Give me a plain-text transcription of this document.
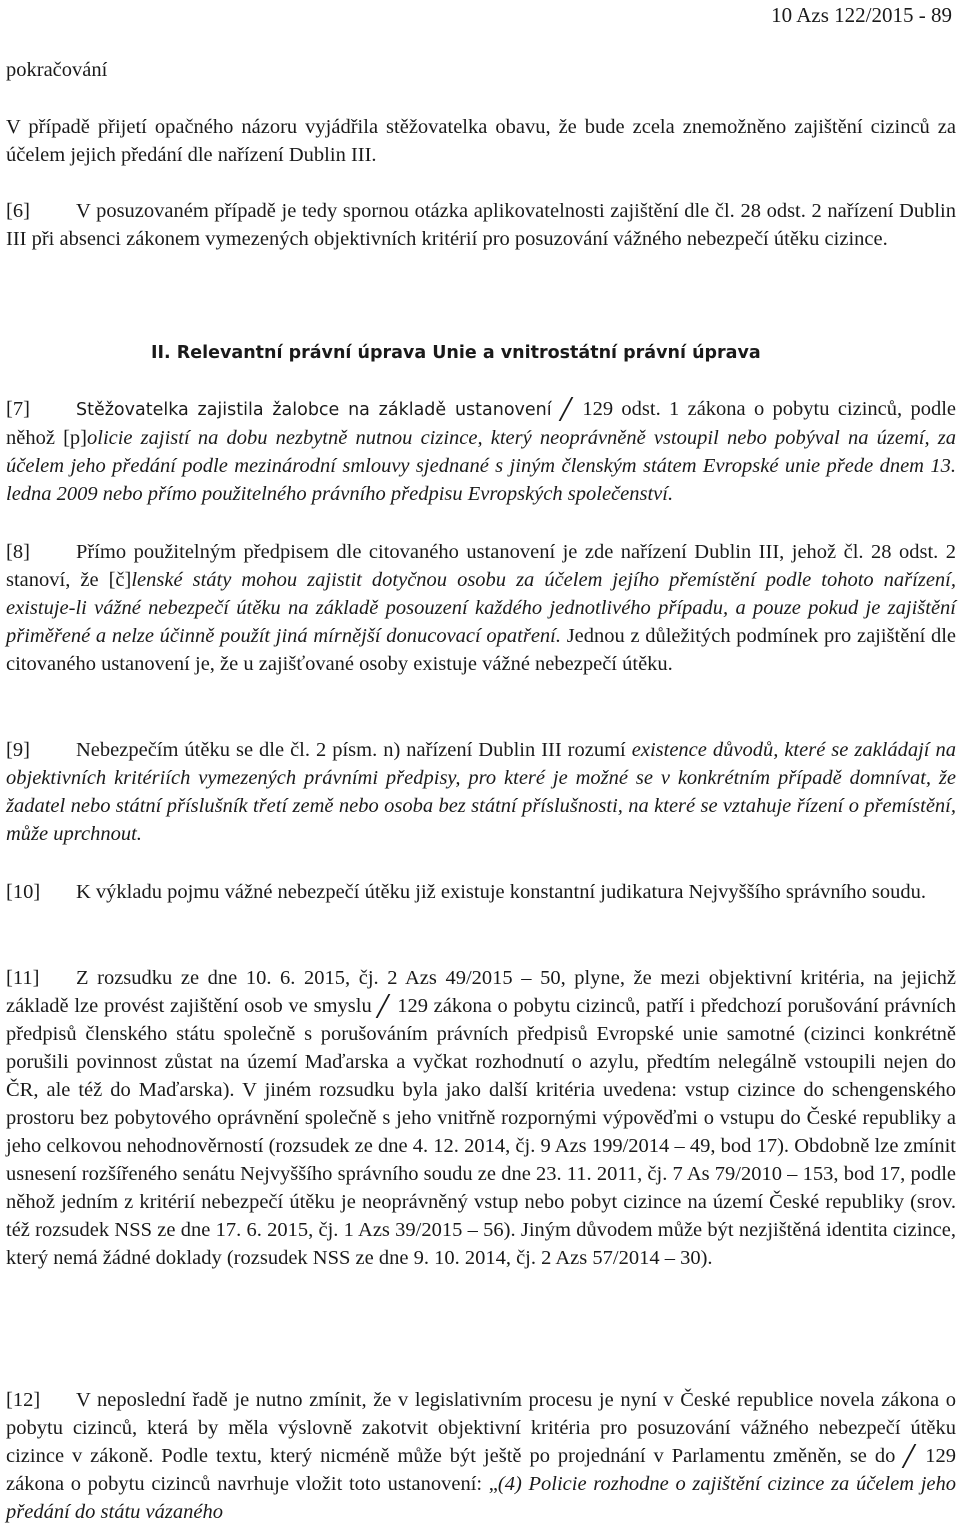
10 Azs 122/2015 - 89
pokračování

V případě přijetí opačného názoru vyjádřila stěžovatelka obavu, že bude zcela znemožněno zajištění cizinců za účelem jejich předání dle nařízení Dublin III.

[6] V posuzovaném případě je tedy spornou otázka aplikovatelnosti zajištění dle čl. 28 odst. 2 nařízení Dublin III při absenci zákonem vymezených objektivních kritérií pro posuzování vážného nebezpečí útěku cizince.

II. Relevantní právní úprava Unie a vnitrostátní právní úprava

[7]	Stěžovatelka zajistila žalobce na základě ustanovení 129 odst. 1 zákona o pobytu cizinců, podle něhož [p]olicie zajistí na dobu nezbytně nutnou cizince, který neoprávněně vstoupil nebo pobýval na území, za účelem jeho předání podle mezinárodní smlouvy sjednané s jiným členským státem Evropské unie přede dnem 13. ledna 2009 nebo přímo použitelného právního předpisu Evropských společenství.

[8] Přímo použitelným předpisem dle citovaného ustanovení je zde nařízení Dublin III, jehož čl. 28 odst. 2 stanoví, že [č]lenské státy mohou zajistit dotyčnou osobu za účelem jejího přemístění podle tohoto nařízení, existuje-li vážné nebezpečí útěku na základě posouzení každého jednotlivého případu, a pouze pokud je zajištění přiměřené a nelze účinně použít jiná mírnější donucovací opatření. Jednou z důležitých podmínek pro zajištění dle citovaného ustanovení je, že u zajišťované osoby existuje vážné nebezpečí útěku.

[9] Nebezpečím útěku se dle čl. 2 písm. n) nařízení Dublin III rozumí existence důvodů, které se zakládají na objektivních kritériích vymezených právními předpisy, pro které je možné se v konkrétním případě domnívat, že žadatel nebo státní příslušník třetí země nebo osoba bez státní příslušnosti, na které se vztahuje řízení o přemístění, může uprchnout.

[10] K výkladu pojmu vážné nebezpečí útěku již existuje konstantní judikatura Nejvyššího správního soudu.

[11] Z rozsudku ze dne 10. 6. 2015, čj. 2 Azs 49/2015 – 50, plyne, že mezi objektivní kritéria, na jejichž základě lze provést zajištění osob ve smyslu 129 zákona o pobytu cizinců, patří i předchozí porušování právních předpisů členského státu společně s porušováním právních předpisů Evropské unie samotné (cizinci konkrétně porušili povinnost zůstat na území Maďarska a vyčkat rozhodnutí o azylu, předtím nelegálně vstoupili nejen do ČR, ale též do Maďarska). V jiném rozsudku byla jako další kritéria uvedena: vstup cizince do schengenského prostoru bez pobytového oprávnění společně s jeho vnitřně rozpornými výpověďmi o vstupu do České republiky a jeho celkovou nehodnověrností (rozsudek ze dne 4. 12. 2014, čj. 9 Azs 199/2014 – 49, bod 17). Obdobně lze zmínit usnesení rozšířeného senátu Nejvyššího správního soudu ze dne 23. 11. 2011, čj. 7 As 79/2010 – 153, bod 17, podle něhož jedním z kritérií nebezpečí útěku je neoprávněný vstup nebo pobyt cizince na území České republiky (srov. též rozsudek NSS ze dne 17. 6. 2015, čj. 1 Azs 39/2015 – 56). Jiným důvodem může být nezjištěná identita cizince, který nemá žádné doklady (rozsudek NSS ze dne 9. 10. 2014, čj. 2 Azs 57/2014 – 30).

[12] V neposlední řadě je nutno zmínit, že v legislativním procesu je nyní v České republice novela zákona o pobytu cizinců, která by měla výslovně zakotvit objektivní kritéria pro posuzování vážného nebezpečí útěku cizince v zákoně. Podle textu, který nicméně může být ještě po projednání v Parlamentu změněn, se do 129 zákona o pobytu cizinců navrhuje vložit toto ustanovení: „(4) Policie rozhodne o zajištění cizince za účelem jeho předání do státu vázaného
